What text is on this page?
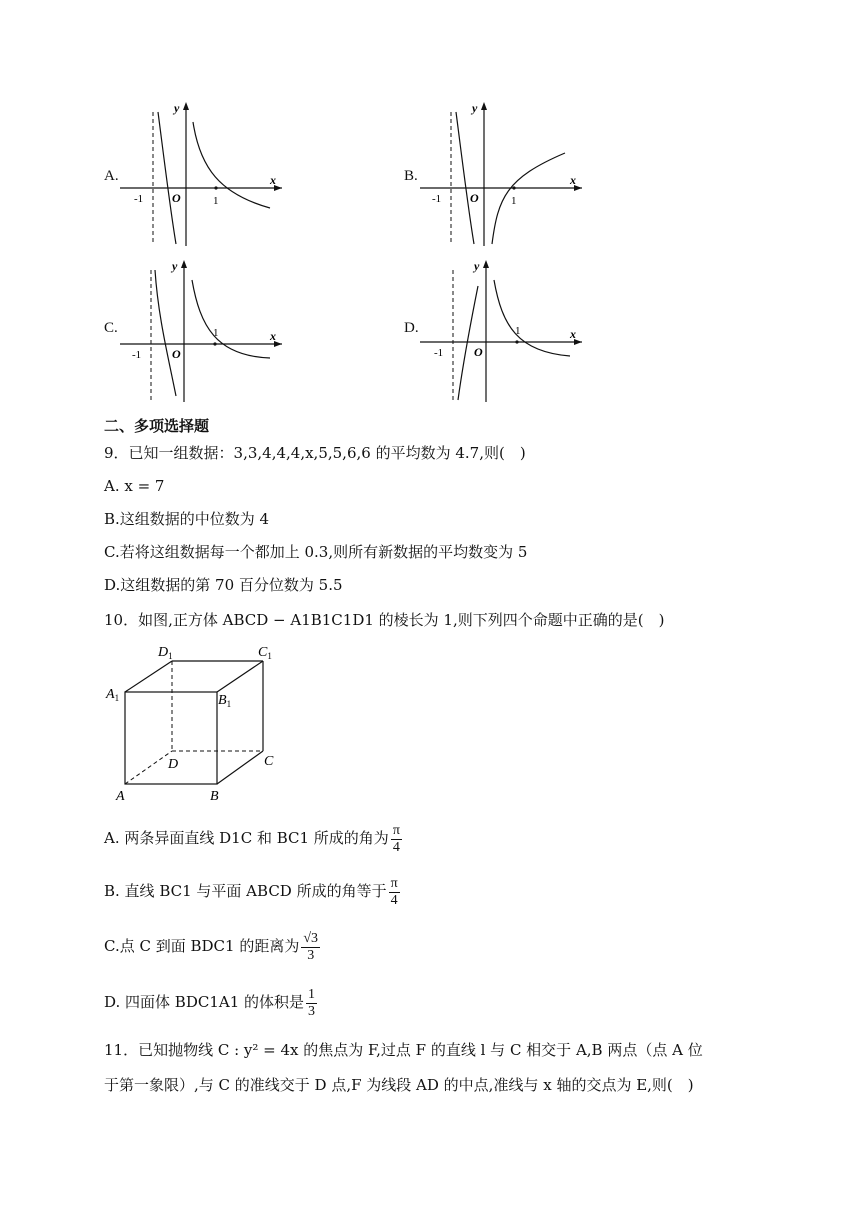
A.	B.
C.	D.
x
y
O
-1	1
x
y
O
-1	1
x
y
O
-1
1	x
y
O
-1
1
二、多项选择题
9．已知一组数据：3,3,4,4,4,x,5,5,6,6 的平均数为 4.7,则(　)
A. x = 7
B.这组数据的中位数为 4
C.若将这组数据每一个都加上 0.3,则所有新数据的平均数变为 5
D.这组数据的第 70 百分位数为 5.5
10．如图,正方体 ABCD − A1B1C1D1 的棱长为 1,则下列四个命题中正确的是(　)
$D_1$	$C_1$
$A_1$	$B_1$
D	C
A	B
A. 两条异面直线 D1C 和 BC1 所成的角为 $\frac{\pi}{4}$
B. 直线 BC1 与平面 ABCD 所成的角等于 $\frac{\pi}{4}$
C.点 C 到面 BDC1 的距离为 $\frac{√3}{3}$
D. 四面体 BDC1A1 的体积是 $\frac{1}{3}$
11．已知抛物线 C : y² = 4x 的焦点为 F,过点 F 的直线 l 与 C 相交于 A,B 两点（点 A 位
于第一象限）,与 C 的准线交于 D 点,F 为线段 AD 的中点,准线与 x 轴的交点为 E,则(　)
